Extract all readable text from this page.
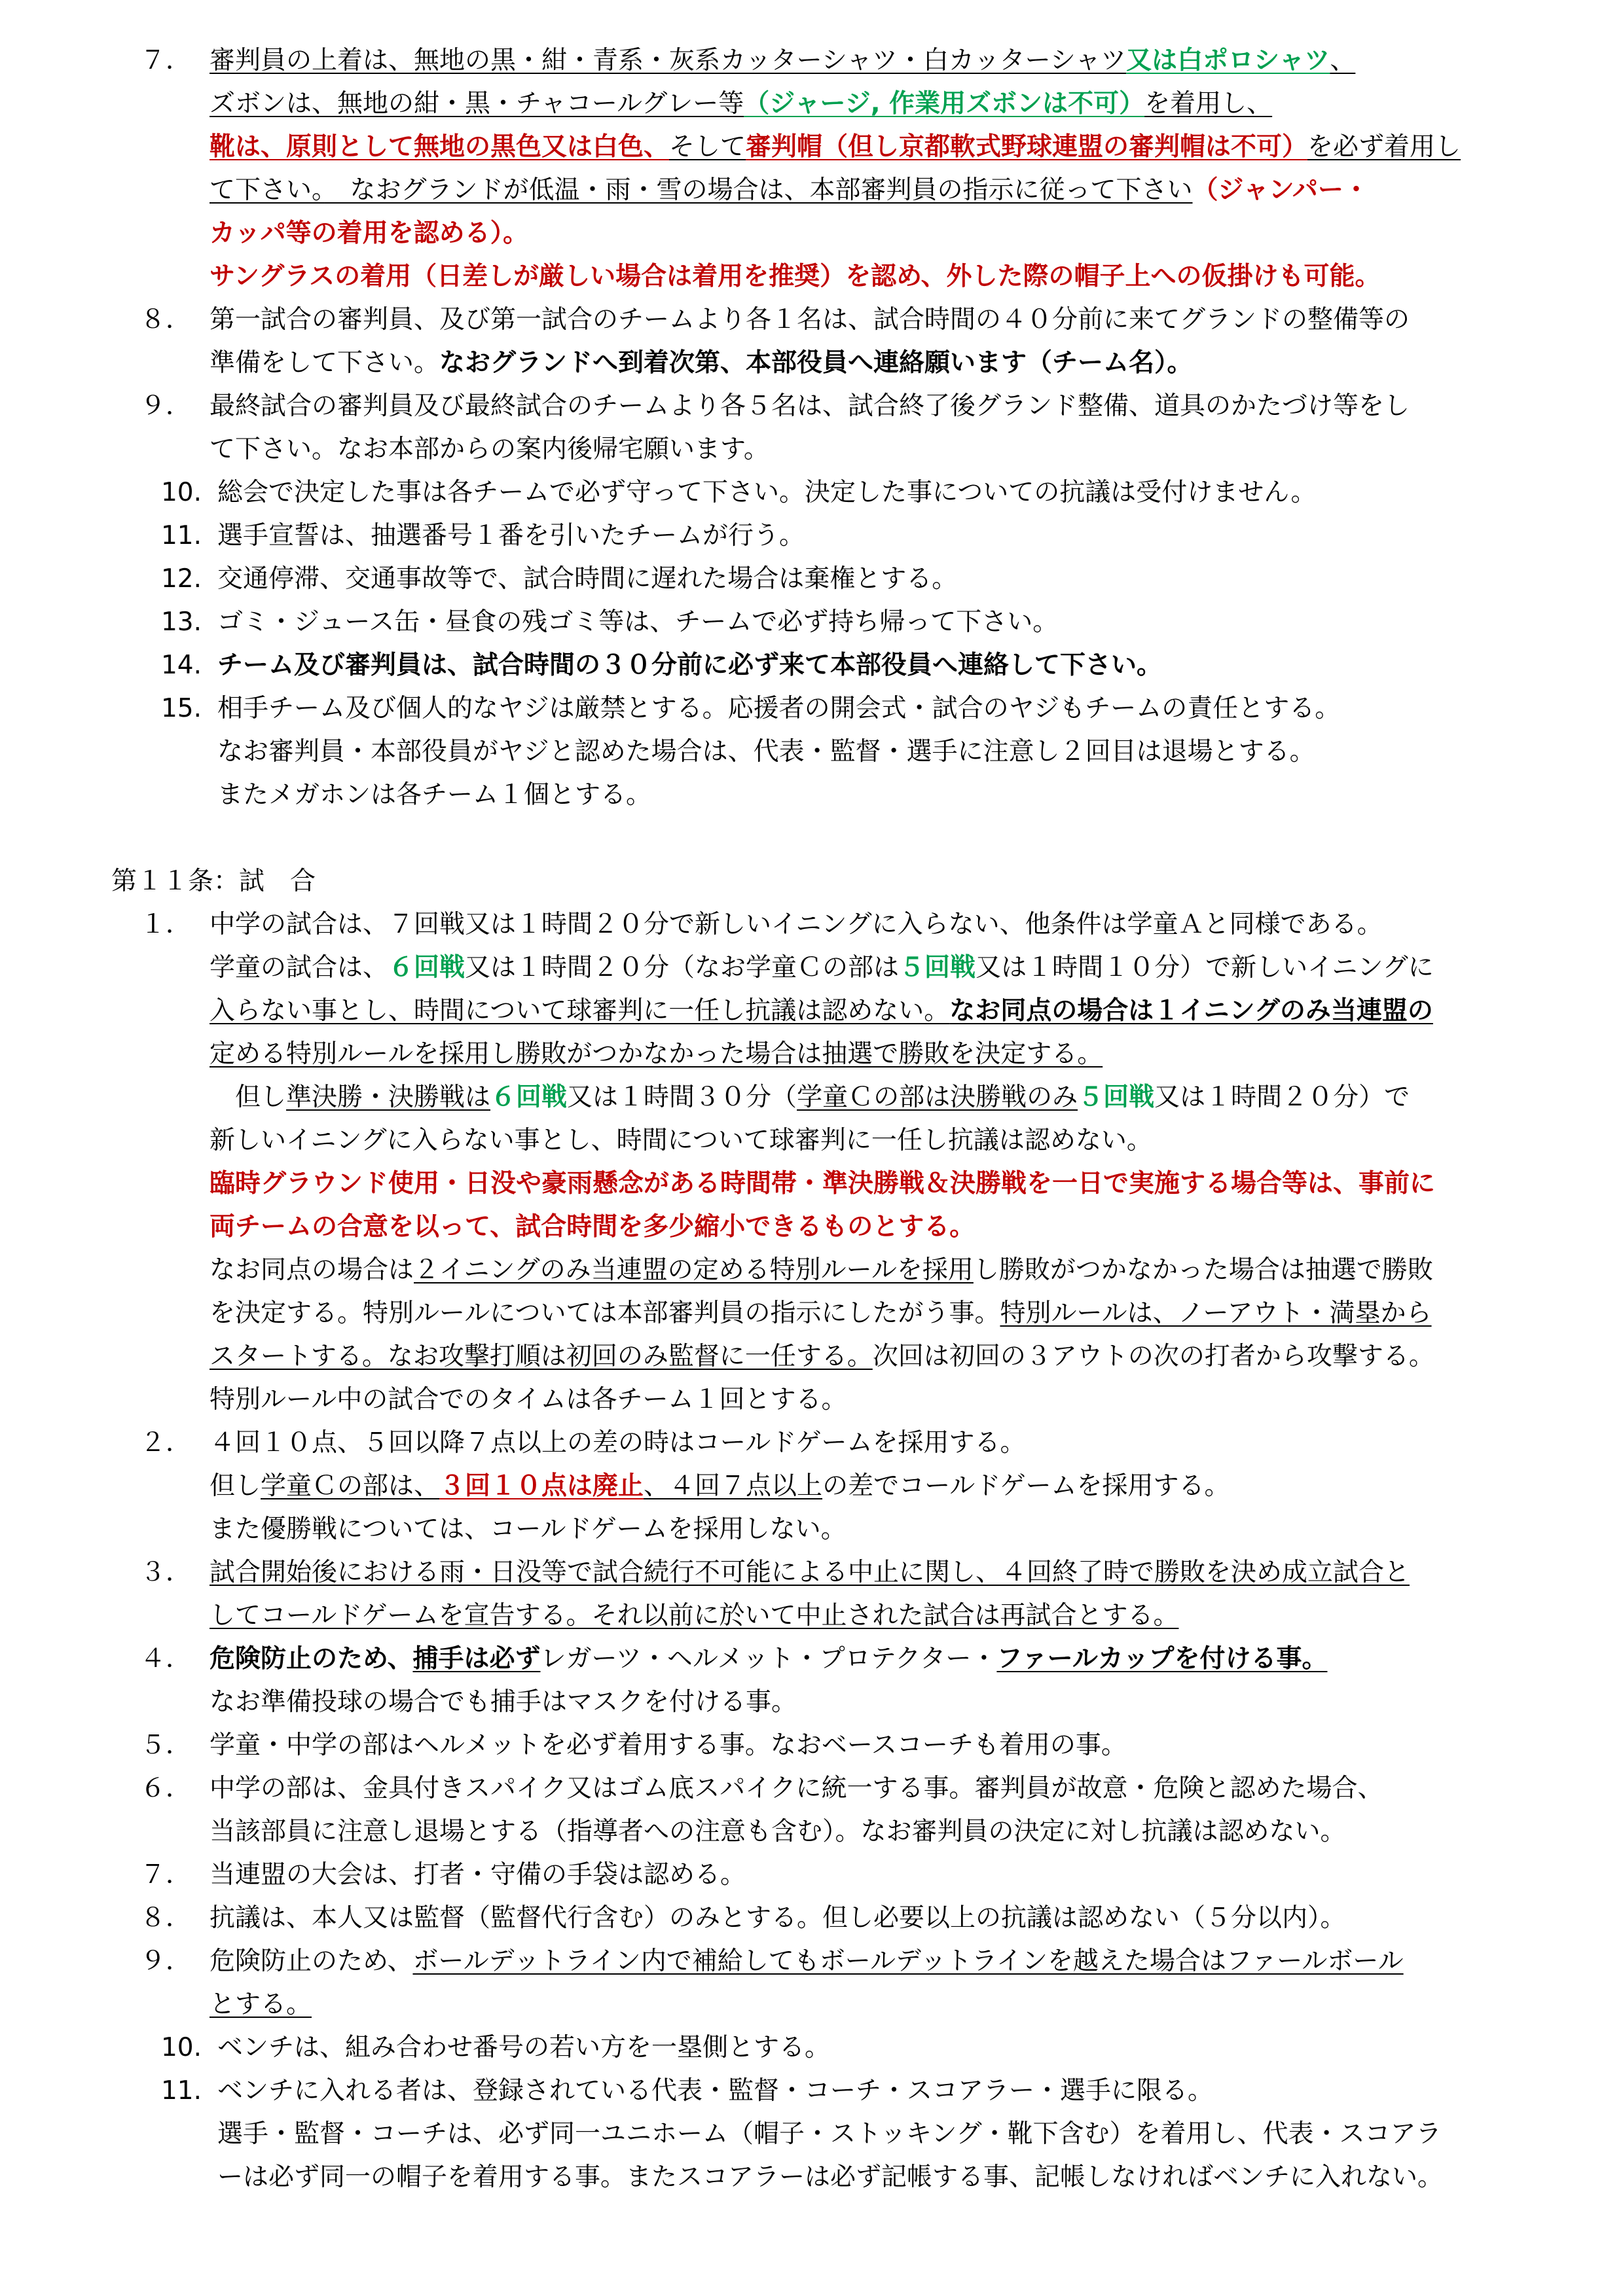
７． 審判員の上着は、無地の黒・紺・青系・灰系カッターシャツ・白カッターシャツ又は白ポロシャツ、
ズボンは、無地の紺・黒・チャコールグレー等（ジャージ, 作業用ズボンは不可）を着用し、
靴は、原則として無地の黒色又は白色、そして審判帽（但し京都軟式野球連盟の審判帽は不可）を必ず着用し
て下さい。　なおグランドが低温・雨・雪の場合は、本部審判員の指示に従って下さい（ジャンパー・
カッパ等の着用を認める）。
サングラスの着用（日差しが厳しい場合は着用を推奨）を認め、外した際の帽子上への仮掛けも可能。
８． 第一試合の審判員、及び第一試合のチームより各１名は、試合時間の４０分前に来てグランドの整備等の
準備をして下さい。なおグランドへ到着次第、本部役員へ連絡願います（チーム名）。
９． 最終試合の審判員及び最終試合のチームより各５名は、試合終了後グランド整備、道具のかたづけ等をし
て下さい。なお本部からの案内後帰宅願います。
10. 総会で決定した事は各チームで必ず守って下さい。決定した事についての抗議は受付けません。
11. 選手宣誓は、抽選番号１番を引いたチームが行う。
12. 交通停滞、交通事故等で、試合時間に遅れた場合は棄権とする。
13. ゴミ・ジュース缶・昼食の残ゴミ等は、チームで必ず持ち帰って下さい。
14. チーム及び審判員は、試合時間の３０分前に必ず来て本部役員へ連絡して下さい。
15. 相手チーム及び個人的なヤジは厳禁とする。応援者の開会式・試合のヤジもチームの責任とする。
なお審判員・本部役員がヤジと認めた場合は、代表・監督・選手に注意し２回目は退場とする。
またメガホンは各チーム１個とする。
第１１条：試　合
１． 中学の試合は、７回戦又は１時間２０分で新しいイニングに入らない、他条件は学童Ａと同様である。
学童の試合は、６回戦又は１時間２０分（なお学童Ｃの部は５回戦又は１時間１０分）で新しいイニングに
入らない事とし、時間について球審判に一任し抗議は認めない。なお同点の場合は１イニングのみ当連盟の
定める特別ルールを採用し勝敗がつかなかった場合は抽選で勝敗を決定する。
　但し準決勝・決勝戦は６回戦又は１時間３０分（学童Ｃの部は決勝戦のみ５回戦又は１時間２０分）で
新しいイニングに入らない事とし、時間について球審判に一任し抗議は認めない。
臨時グラウンド使用・日没や豪雨懸念がある時間帯・準決勝戦＆決勝戦を一日で実施する場合等は、事前に
両チームの合意を以って、試合時間を多少縮小できるものとする。
なお同点の場合は２イニングのみ当連盟の定める特別ルールを採用し勝敗がつかなかった場合は抽選で勝敗
を決定する。特別ルールについては本部審判員の指示にしたがう事。特別ルールは、ノーアウト・満塁から
スタートする。なお攻撃打順は初回のみ監督に一任する。次回は初回の３アウトの次の打者から攻撃する。
特別ルール中の試合でのタイムは各チーム１回とする。
２． ４回１０点、５回以降７点以上の差の時はコールドゲームを採用する。
但し学童Ｃの部は、３回１０点は廃止、４回７点以上の差でコールドゲームを採用する。
また優勝戦については、コールドゲームを採用しない。
３． 試合開始後における雨・日没等で試合続行不可能による中止に関し、４回終了時で勝敗を決め成立試合と
してコールドゲームを宣告する。それ以前に於いて中止された試合は再試合とする。
４． 危険防止のため、捕手は必ずレガーツ・ヘルメット・プロテクター・ファールカップを付ける事。
なお準備投球の場合でも捕手はマスクを付ける事。
５． 学童・中学の部はヘルメットを必ず着用する事。なおベースコーチも着用の事。
６． 中学の部は、金具付きスパイク又はゴム底スパイクに統一する事。審判員が故意・危険と認めた場合、
当該部員に注意し退場とする（指導者への注意も含む）。なお審判員の決定に対し抗議は認めない。
７． 当連盟の大会は、打者・守備の手袋は認める。
８． 抗議は、本人又は監督（監督代行含む）のみとする。但し必要以上の抗議は認めない（５分以内）。
９． 危険防止のため、ボールデットライン内で補給してもボールデットラインを越えた場合はファールボール
とする。
10. ベンチは、組み合わせ番号の若い方を一塁側とする。
11. ベンチに入れる者は、登録されている代表・監督・コーチ・スコアラー・選手に限る。
選手・監督・コーチは、必ず同一ユニホーム（帽子・ストッキング・靴下含む）を着用し、代表・スコアラ
ーは必ず同一の帽子を着用する事。またスコアラーは必ず記帳する事、記帳しなければベンチに入れない。
